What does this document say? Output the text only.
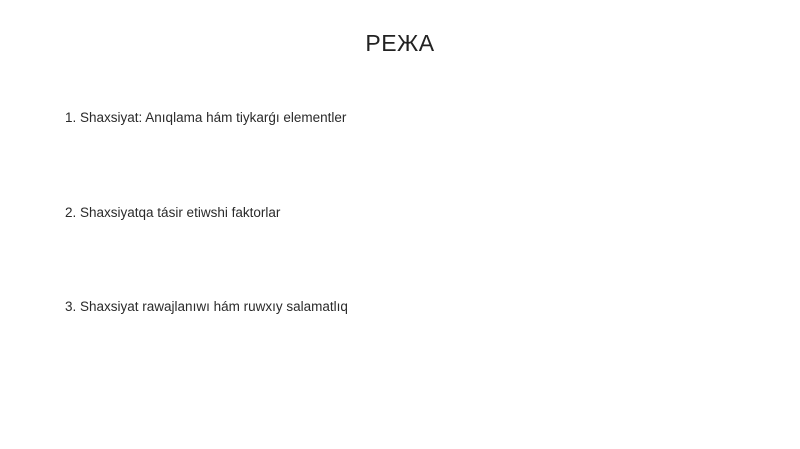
РЕЖА
1. Shaxsiyat: Anıqlama hám tiykarǵı elementler
2. Shaxsiyatqa tásir etiwshi faktorlar
3. Shaxsiyat rawajlanıwı hám ruwxıy salamatlıq
